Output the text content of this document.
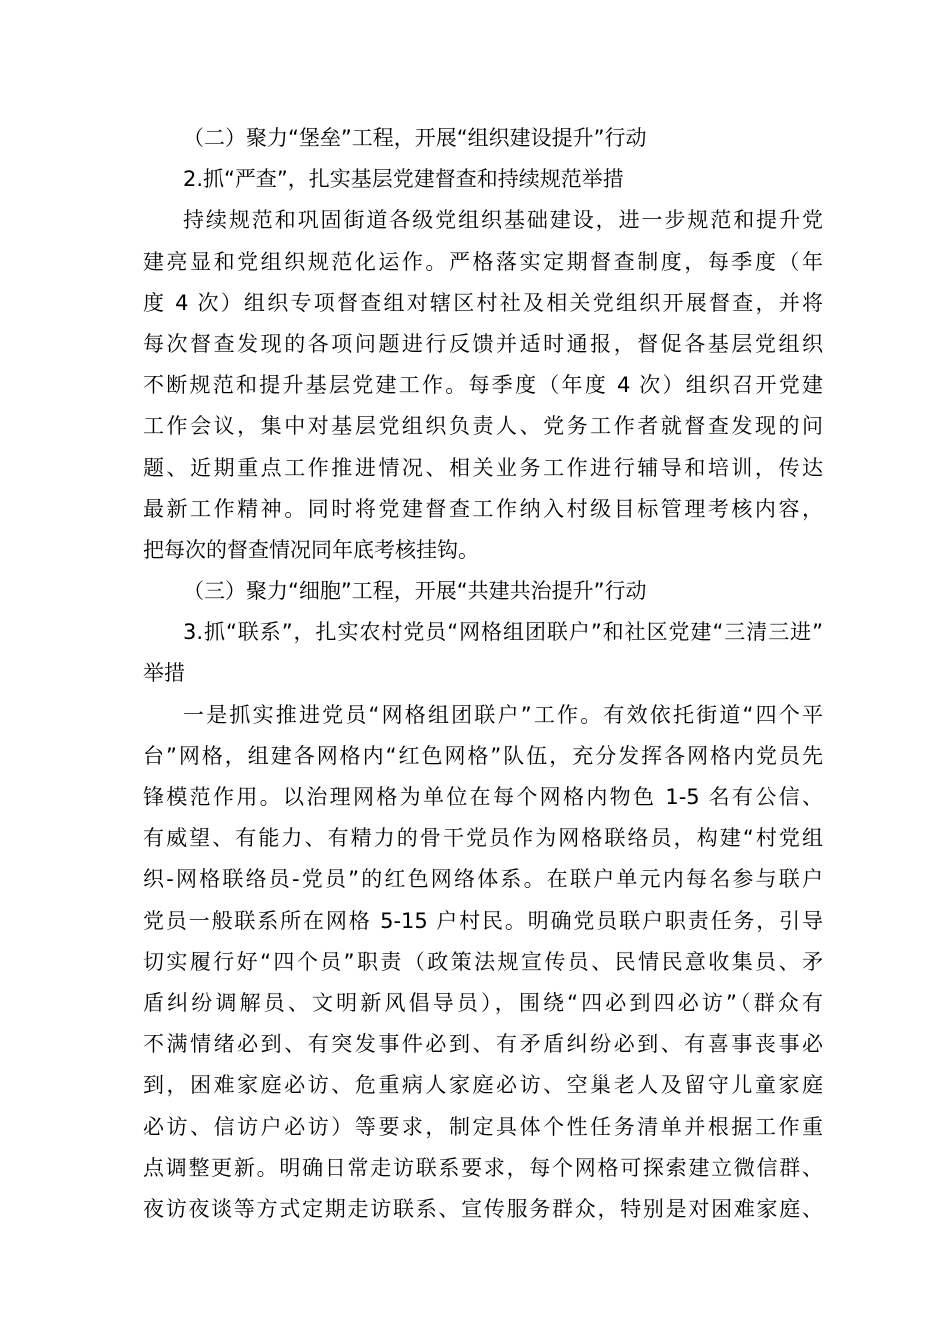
（二）聚力“堡垒”工程，开展“组织建设提升”行动
2.抓“严查”，扎实基层党建督查和持续规范举措
持续规范和巩固街道各级党组织基础建设，进一步规范和提升党
建亮显和党组织规范化运作。严格落实定期督查制度，每季度（年
度 4 次）组织专项督查组对辖区村社及相关党组织开展督查，并将
每次督查发现的各项问题进行反馈并适时通报，督促各基层党组织
不断规范和提升基层党建工作。每季度（年度 4 次）组织召开党建
工作会议，集中对基层党组织负责人、党务工作者就督查发现的问
题、近期重点工作推进情况、相关业务工作进行辅导和培训，传达
最新工作精神。同时将党建督查工作纳入村级目标管理考核内容，
把每次的督查情况同年底考核挂钩。
（三）聚力“细胞”工程，开展“共建共治提升”行动
3.抓“联系”，扎实农村党员“网格组团联户”和社区党建“三清三进”
举措
一是抓实推进党员“网格组团联户”工作。有效依托街道“四个平
台”网格，组建各网格内“红色网格”队伍，充分发挥各网格内党员先
锋模范作用。以治理网格为单位在每个网格内物色 1-5 名有公信、
有威望、有能力、有精力的骨干党员作为网格联络员，构建“村党组
织-网格联络员-党员”的红色网络体系。在联户单元内每名参与联户
党员一般联系所在网格 5-15 户村民。明确党员联户职责任务，引导
切实履行好“四个员”职责（政策法规宣传员、民情民意收集员、矛
盾纠纷调解员、文明新风倡导员），围绕“四必到四必访”（群众有
不满情绪必到、有突发事件必到、有矛盾纠纷必到、有喜事丧事必
到，困难家庭必访、危重病人家庭必访、空巢老人及留守儿童家庭
必访、信访户必访）等要求，制定具体个性任务清单并根据工作重
点调整更新。明确日常走访联系要求，每个网格可探索建立微信群、
夜访夜谈等方式定期走访联系、宣传服务群众，特别是对困难家庭、
